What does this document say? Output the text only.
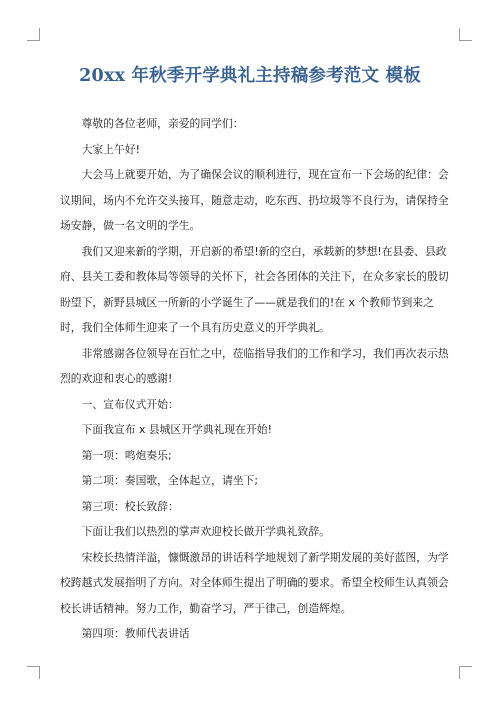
20xx 年秋季开学典礼主持稿参考范文 模板

尊敬的各位老师，亲爱的同学们：

大家上午好!

大会马上就要开始，为了确保会议的顺利进行，现在宣布一下会场的纪律：会议期间，场内不允许交头接耳，随意走动，吃东西、扔垃圾等不良行为，请保持全场安静，做一名文明的学生。

我们又迎来新的学期，开启新的希望!新的空白，承载新的梦想!在县委、县政府、县关工委和教体局等领导的关怀下，社会各团体的关注下，在众多家长的殷切盼望下，新野县城区一所新的小学诞生了——就是我们的!在 x 个教师节到来之时，我们全体师生迎来了一个具有历史意义的开学典礼。

非常感谢各位领导在百忙之中，莅临指导我们的工作和学习，我们再次表示热烈的欢迎和衷心的感谢!

一、宣布仪式开始：

下面我宣布 x 县城区开学典礼现在开始!

第一项：鸣炮奏乐;

第二项：奏国歌，全体起立，请坐下;

第三项：校长致辞：

下面让我们以热烈的掌声欢迎校长做开学典礼致辞。

宋校长热情洋溢，慷慨激昂的讲话科学地规划了新学期发展的美好蓝图，为学校跨越式发展指明了方向。对全体师生提出了明确的要求。希望全校师生认真领会校长讲话精神。努力工作，勤奋学习，严于律己，创造辉煌。

第四项：教师代表讲话
